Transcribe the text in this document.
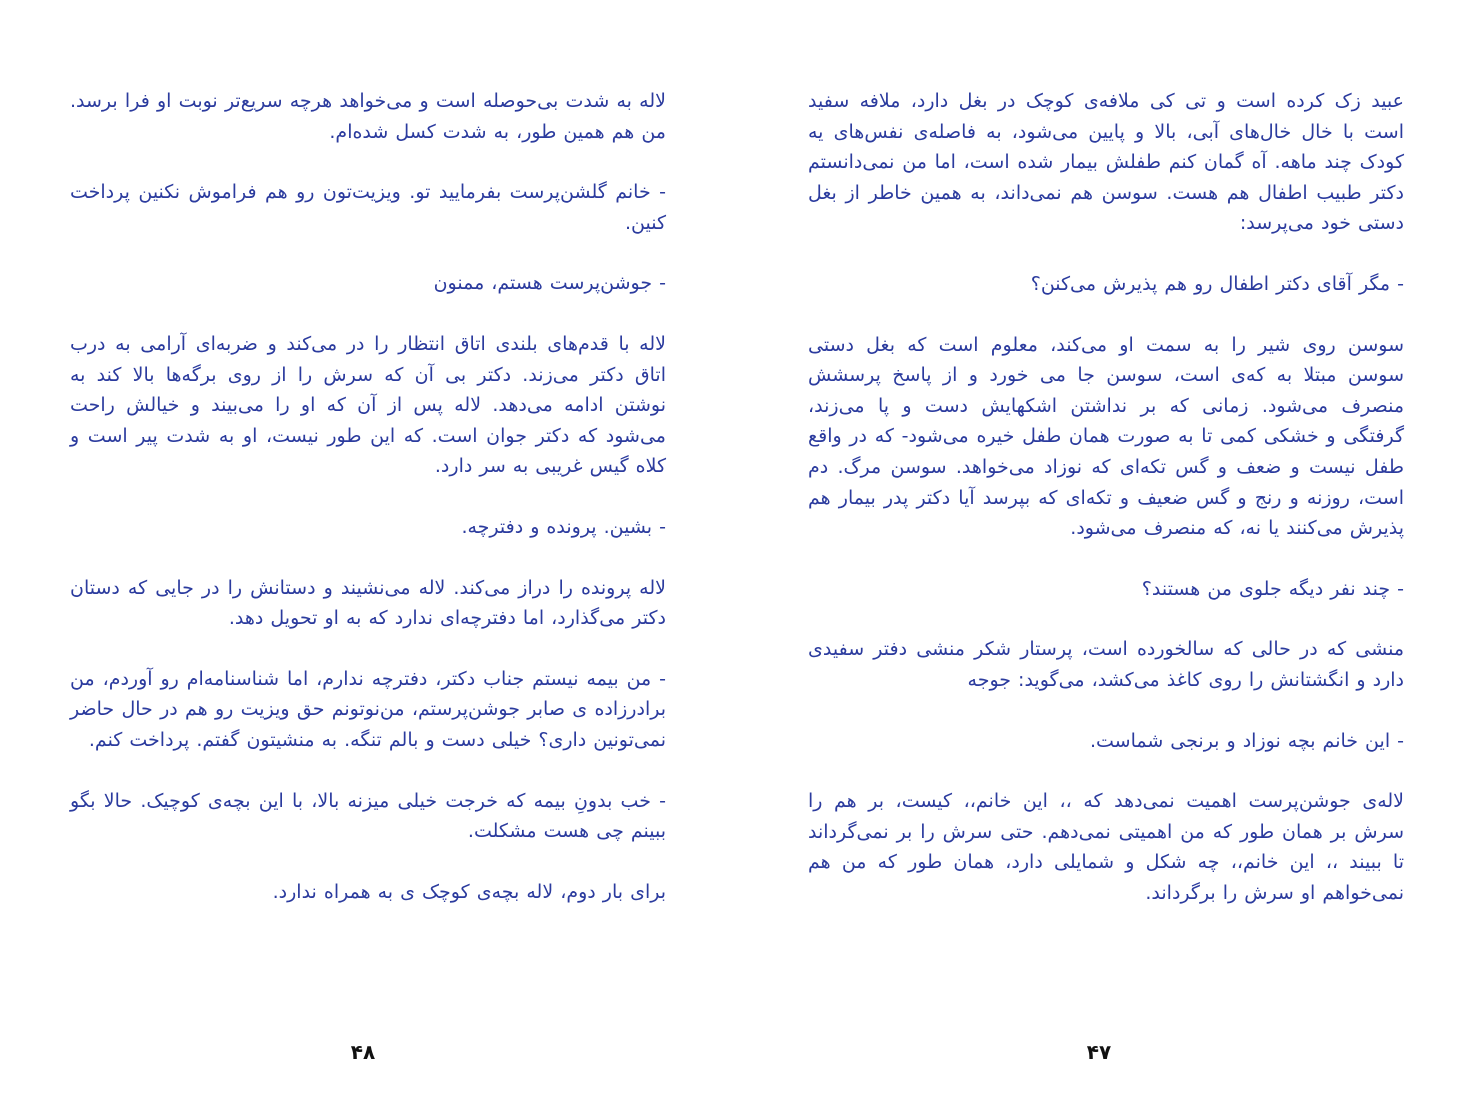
لاله به شدت بی‌حوصله است و می‌خواهد هرچه سریع‌تر نوبت او فرا برسد. من هم همین طور، به شدت کسل شده‌ام.

- خانم گلشن‌پرست بفرمایید تو. ویزیت‌تون رو هم فراموش نکنین پرداخت کنین.

- جوشن‌پرست هستم، ممنون

لاله با قدم‌های بلندی اتاق انتظار را در می‌کند و ضربه‌ای آرامی به درب اتاق دکتر می‌زند. دکتر بی آن که سرش را از روی برگه‌ها بالا کند به نوشتن ادامه می‌دهد. لاله پس از آن که او را می‌بیند و خیالش راحت می‌شود که دکتر جوان است. که این طور نیست، او به شدت پیر است و کلاه گیس غریبی به سر دارد.

- بشین. پرونده و دفترچه.

لاله پرونده را دراز می‌کند. لاله می‌نشیند و دستانش را در جایی که دستان دکتر می‌گذارد، اما دفترچه‌ای ندارد که به او تحویل دهد.

- من بیمه نیستم جناب دکتر، دفترچه ندارم، اما شناسنامه‌ام رو آوردم، من برادرزاده ی صابر جوشن‌پرستم، من‌نوتونم حق ویزیت رو هم در حال حاضر نمی‌تونین داری؟ خیلی دست و بالم تنگه. به منشیتون گفتم. پرداخت کنم.

- خب بدونِ بیمه که خرجت خیلی میزنه بالا، با این بچه‌ی کوچیک. حالا بگو ببینم چی هست مشکلت.

برای بار دوم، لاله بچه‌ی کوچک ی به همراه ندارد.

عبید زک کرده است و تی کی ملافه‌ی کوچک در بغل دارد، ملافه سفید است با خال خال‌های آبی، بالا و پایین می‌شود، به فاصله‌ی نفس‌های یه کودک چند ماهه. آه گمان کنم طفلش بیمار شده است، اما من نمی‌دانستم دکتر طبیب اطفال هم هست. سوسن هم نمی‌داند، به همین خاطر از بغل دستی خود می‌پرسد:

- مگر آقای دکتر اطفال رو هم پذیرش می‌کنن؟

سوسن روی شیر را به سمت او می‌کند، معلوم است که بغل دستی سوسن مبتلا به که‌ی است، سوسن جا می خورد و از پاسخ پرسشش منصرف می‌شود. زمانی که بر نداشتن اشکهایش دست و پا می‌زند، گرفتگی و خشکی کمی تا به صورت همان طفل خیره می‌شود- که در واقع طفل نیست و ضعف و گس تکه‌ای که نوزاد می‌خواهد. سوسن مرگ. دم است، روزنه و رنج و گس ضعیف و تکه‌ای که بپرسد آیا دکتر پدر بیمار هم پذیرش می‌کنند یا نه، که منصرف می‌شود.

- چند نفر دیگه جلوی من هستند؟

منشی که در حالی که سالخورده است، پرستار شکر منشی دفتر سفیدی دارد و انگشتانش را روی کاغذ می‌کشد، می‌گوید: جوجه

- این خانم بچه نوزاد و برنجی شماست.

لاله‌ی جوشن‌پرست اهمیت نمی‌دهد که ،، این خانم،، کیست، بر هم را سرش بر همان طور که من اهمیتی نمی‌دهم. حتی سرش را بر نمی‌گرداند تا ببیند ،، این خانم،، چه شکل و شمایلی دارد، همان طور که من هم نمی‌خواهم او سرش را برگرداند.

۴۸	۴۷
